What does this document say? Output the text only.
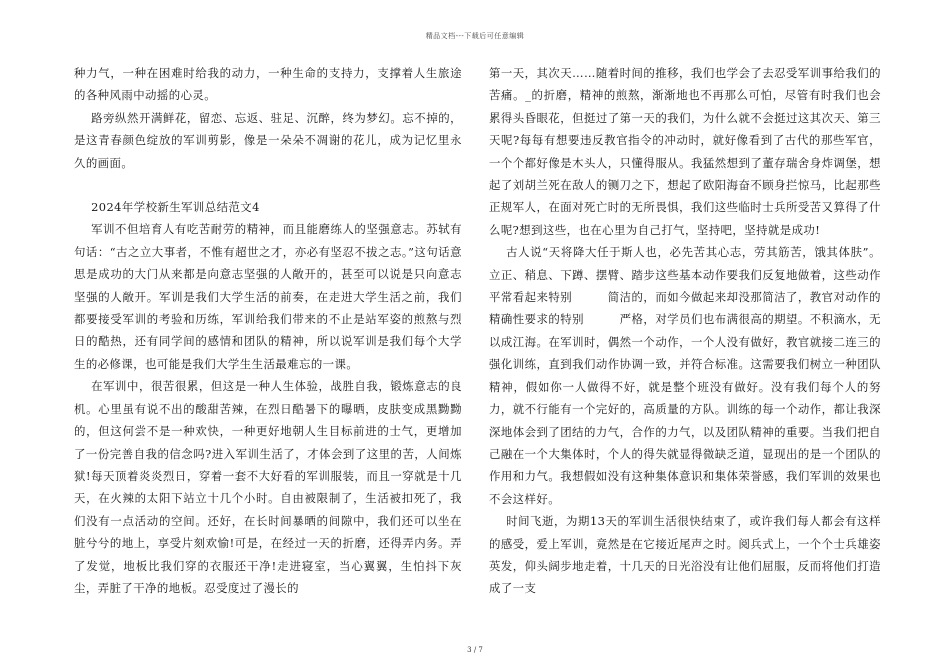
精品文档---下载后可任意编辑

种力气，一种在困难时给我的动力，一种生命的支持力，支撑着人生旅途的各种风雨中动摇的心灵。

路旁纵然开满鲜花，留恋、忘返、驻足、沉醉，终为梦幻。忘不掉的，是这青春颜色绽放的军训剪影，像是一朵朵不凋谢的花儿，成为记忆里永久的画面。

2024年学校新生军训总结范文4

军训不但培育人有吃苦耐劳的精神，而且能磨练人的坚强意志。苏轼有句话：“古之立大事者，不惟有超世之才，亦必有坚忍不拔之志。”这句话意思是成功的大门从来都是向意志坚强的人敞开的，甚至可以说是只向意志坚强的人敞开。军训是我们大学生活的前奏，在走进大学生活之前，我们都要接受军训的考验和历练，军训给我们带来的不止是站军姿的煎熬与烈日的酷热，还有同学间的感情和团队的精神，所以说军训是我们每个大学生的必修课，也可能是我们大学生生活最难忘的一课。

在军训中，很苦很累，但这是一种人生体验，战胜自我，锻炼意志的良机。心里虽有说不出的酸甜苦辣，在烈日酷暑下的曝晒，皮肤变成黑黝黝的，但这何尝不是一种欢快，一种更好地朝人生目标前进的士气，更增加了一份完善自我的信念吗?进入军训生活了，才体会到了这里的苦，人间炼狱!每天顶着炎炎烈日，穿着一套不大好看的军训服装，而且一穿就是十几天，在火辣的太阳下站立十几个小时。自由被限制了，生活被扣死了，我们没有一点活动的空间。还好，在长时间暴晒的间隙中，我们还可以坐在脏兮兮的地上，享受片刻欢愉!可是，在经过一天的折磨，还得弄内务。弄了发觉，地板比我们穿的衣服还干净!走进寝室，当心翼翼，生怕抖下灰尘，弄脏了干净的地板。忍受度过了漫长的

第一天，其次天……随着时间的推移，我们也学会了去忍受军训事给我们的苦痛。_的折磨，精神的煎熬，渐渐地也不再那么可怕，尽管有时我们也会累得头昏眼花，但挺过了第一天的我们，为什么就不会挺过这其次天、第三天呢?每每有想要违反教官指令的冲动时，就好像看到了古代的那些军官，一个个都好像是木头人，只懂得服从。我猛然想到了董存瑞舍身炸调堡，想起了刘胡兰死在敌人的铡刀之下，想起了欧阳海奋不顾身拦惊马，比起那些正规军人，在面对死亡时的无所畏惧，我们这些临时士兵所受苦又算得了什么呢?想到这些，也在心里为自己打气，坚持吧，坚持就是成功!

古人说“天将降大任于斯人也，必先苦其心志，劳其筋苦，饿其体肤”。立正、稍息、下蹲、摆臂、踏步这些基本动作要我们反复地做着，这些动作平常看起来特别　　　简洁的，而如今做起来却没那简洁了，教官对动作的精确性要求的特别　　　严格，对学员们也布满很高的期望。不积滴水，无以成江海。在军训时，偶然一个动作，一个人没有做好，教官就接二连三的强化训练，直到我们动作协调一致，并符合标准。这需要我们树立一种团队精神，假如你一人做得不好，就是整个班没有做好。没有我们每个人的努力，就不行能有一个完好的，高质量的方队。训练的每一个动作，都让我深深地体会到了团结的力气，合作的力气，以及团队精神的重要。当我们把自己融在一个大集体时，个人的得失就显得微缺乏道，显现出的是一个团队的作用和力气。我想假如没有这种集体意识和集体荣誉感，我们军训的效果也不会这样好。

时间飞逝，为期13天的军训生活很快结束了，或许我们每人都会有这样的感受，爱上军训，竟然是在它接近尾声之时。阅兵式上，一个个士兵雄姿英发，仰头阔步地走着，十几天的日光浴没有让他们屈服，反而将他们打造成了一支

3 / 7
